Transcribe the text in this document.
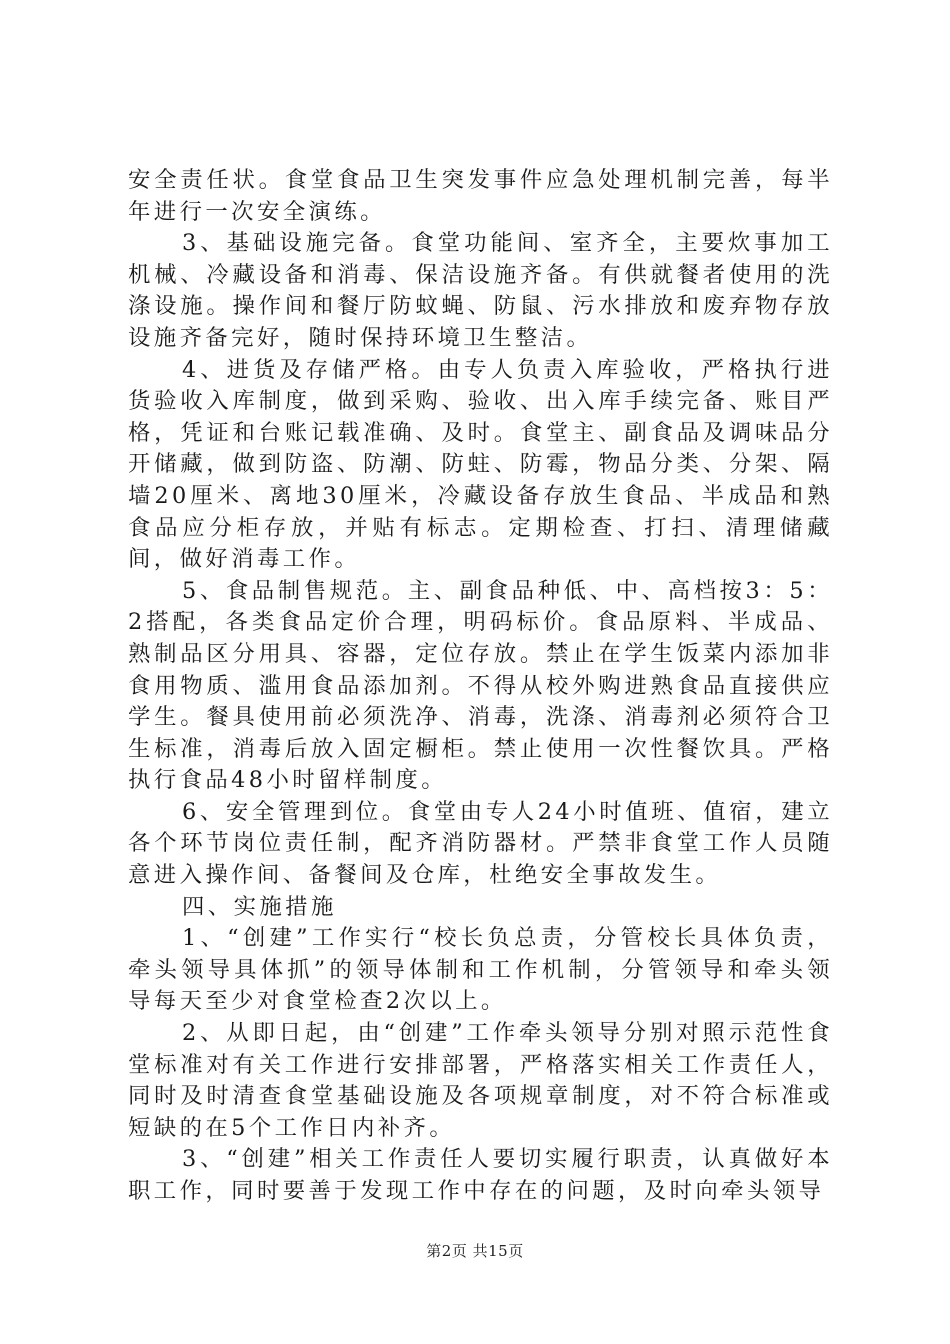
安全责任状。食堂食品卫生突发事件应急处理机制完善，每半年进行一次安全演练。

3、基础设施完备。食堂功能间、室齐全，主要炊事加工机械、冷藏设备和消毒、保洁设施齐备。有供就餐者使用的洗涤设施。操作间和餐厅防蚊蝇、防鼠、污水排放和废弃物存放设施齐备完好，随时保持环境卫生整洁。

4、进货及存储严格。由专人负责入库验收，严格执行进货验收入库制度，做到采购、验收、出入库手续完备、账目严格，凭证和台账记载准确、及时。食堂主、副食品及调味品分开储藏，做到防盗、防潮、防蛀、防霉，物品分类、分架、隔墙20厘米、离地30厘米，冷藏设备存放生食品、半成品和熟食品应分柜存放，并贴有标志。定期检查、打扫、清理储藏间，做好消毒工作。

5、食品制售规范。主、副食品种低、中、高档按3：5：2搭配，各类食品定价合理，明码标价。食品原料、半成品、熟制品区分用具、容器，定位存放。禁止在学生饭菜内添加非食用物质、滥用食品添加剂。不得从校外购进熟食品直接供应学生。餐具使用前必须洗净、消毒，洗涤、消毒剂必须符合卫生标准，消毒后放入固定橱柜。禁止使用一次性餐饮具。严格执行食品48小时留样制度。

6、安全管理到位。食堂由专人24小时值班、值宿，建立各个环节岗位责任制，配齐消防器材。严禁非食堂工作人员随意进入操作间、备餐间及仓库，杜绝安全事故发生。

四、实施措施

1、“创建”工作实行“校长负总责，分管校长具体负责，牵头领导具体抓”的领导体制和工作机制，分管领导和牵头领导每天至少对食堂检查2次以上。

2、从即日起，由“创建”工作牵头领导分别对照示范性食堂标准对有关工作进行安排部署，严格落实相关工作责任人，同时及时清查食堂基础设施及各项规章制度，对不符合标准或短缺的在5个工作日内补齐。

3、“创建”相关工作责任人要切实履行职责，认真做好本职工作，同时要善于发现工作中存在的问题，及时向牵头领导

第2页 共15页
